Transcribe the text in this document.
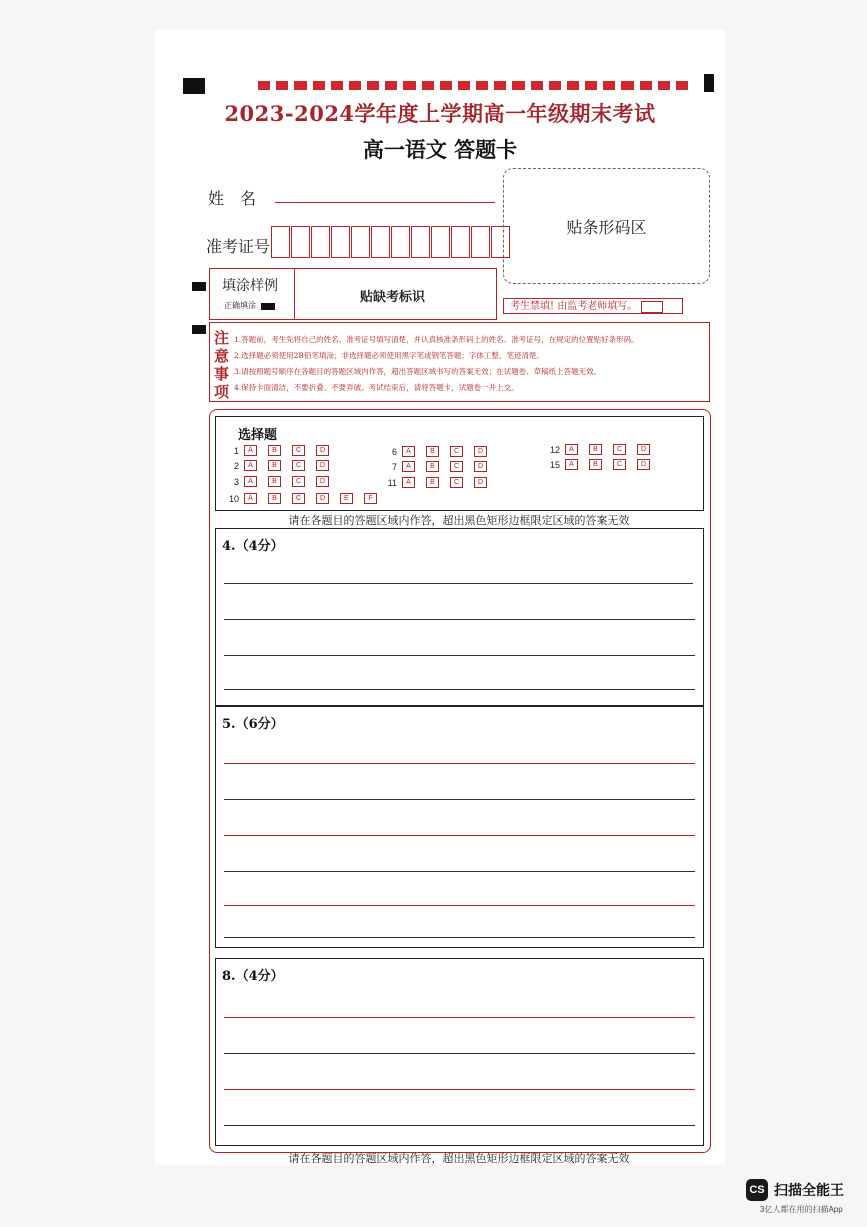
2023-2024学年度上学期高一年级期末考试
高一语文 答题卡
姓　名
准考证号
贴条形码区
填涂样例
正确填涂
贴缺考标识
考生禁填! 由监考老师填写。
注
意
事
项
1.答题前，考生先将自己的姓名、准考证号填写清楚，并认真核准条形码上的姓名、准考证号，在规定的位置贴好条形码。
2.选择题必须使用2B铅笔填涂；非选择题必须使用黑字笔或钢笔答题；字体工整、笔迹清楚。
3.请按照题号顺序在各题目的答题区域内作答，超出答题区域书写的答案无效；在试题卷、草稿纸上答题无效。
4.保持卡面清洁，不要折叠、不要弄破。考试结束后，请将答题卡，试题卷一并上交。
选择题
1	A	B	C	D
2	A	B	C	D
3	A	B	C	D
10	A	B	C	D	E	F
6	A	B	C	D
7	A	B	C	D
11	A	B	C	D
12	A	B	C	D
15	A	B	C	D
请在各题目的答题区域内作答，超出黑色矩形边框限定区域的答案无效
4.（4分）
5.（6分）
8.（4分）
请在各题目的答题区域内作答，超出黑色矩形边框限定区域的答案无效
CS 扫描全能王
3亿人都在用的扫描App
